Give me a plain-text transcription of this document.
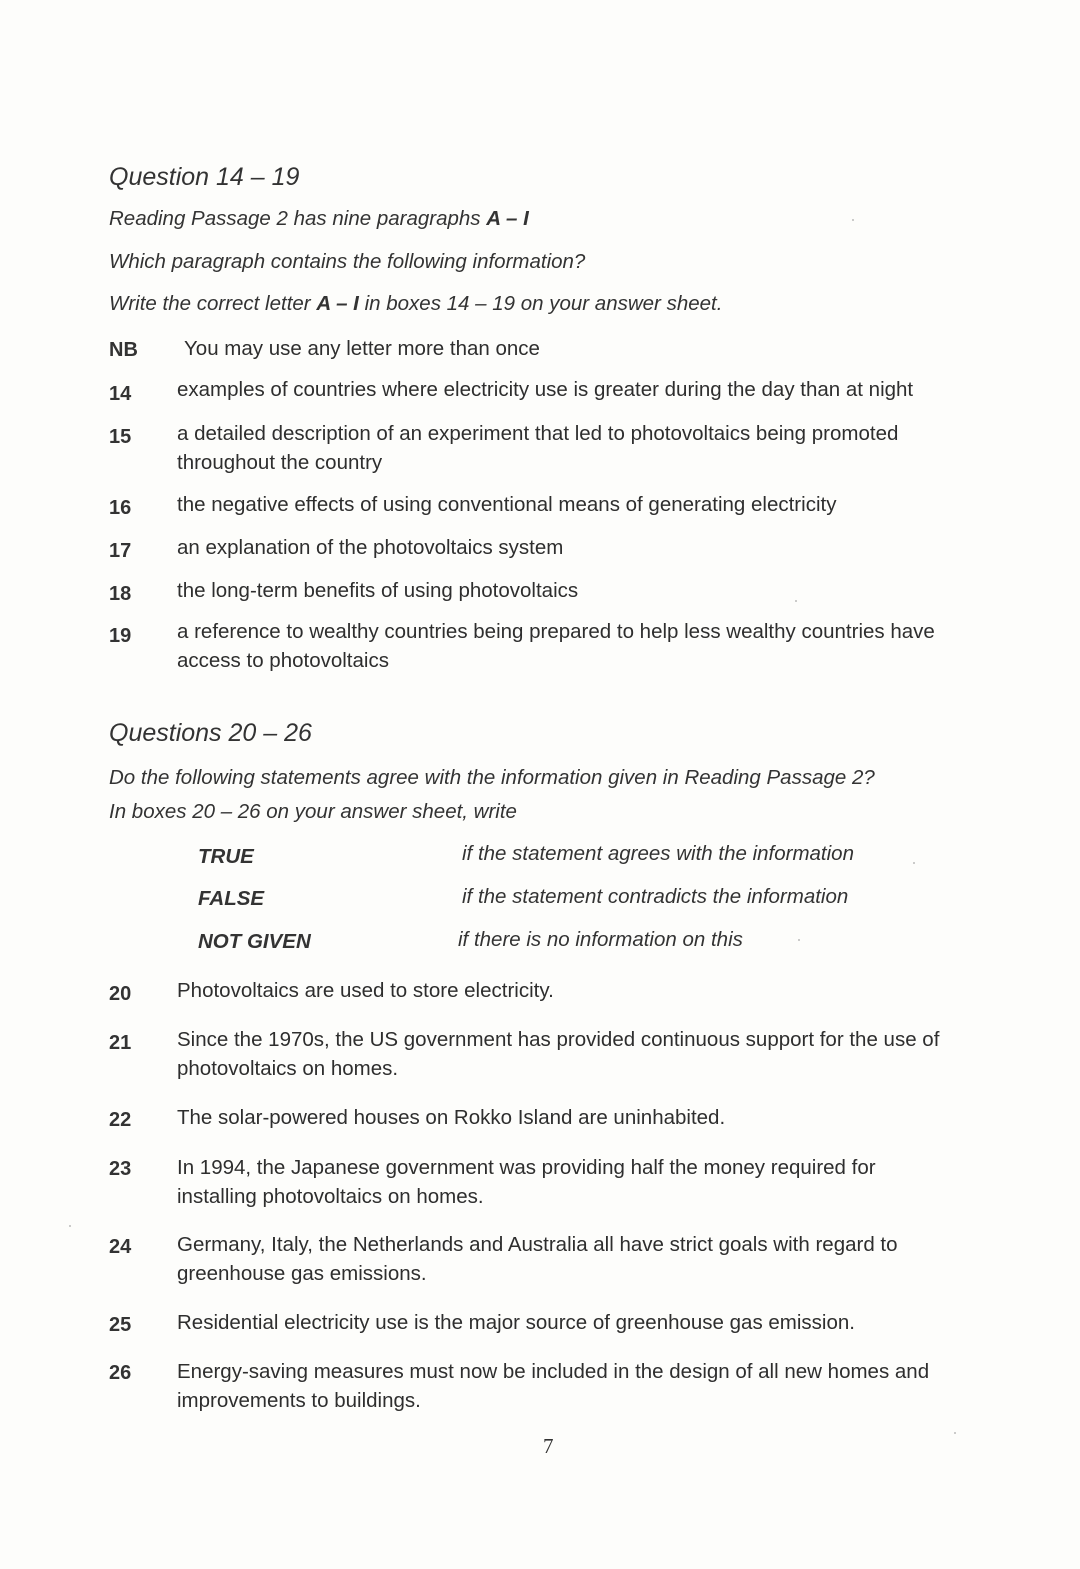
Question 14 – 19
Reading Passage 2 has nine paragraphs A – I
Which paragraph contains the following information?
Write the correct letter A – I in boxes 14 – 19 on your answer sheet.
NB You may use any letter more than once
14 examples of countries where electricity use is greater during the day than at night
15 a detailed description of an experiment that led to photovoltaics being promoted throughout the country
16 the negative effects of using conventional means of generating electricity
17 an explanation of the photovoltaics system
18 the long-term benefits of using photovoltaics
19 a reference to wealthy countries being prepared to help less wealthy countries have access to photovoltaics
Questions 20 – 26
Do the following statements agree with the information given in Reading Passage 2?
In boxes 20 – 26 on your answer sheet, write
TRUE	if the statement agrees with the information
FALSE	if the statement contradicts the information
NOT GIVEN	if there is no information on this
20 Photovoltaics are used to store electricity.
21 Since the 1970s, the US government has provided continuous support for the use of photovoltaics on homes.
22 The solar-powered houses on Rokko Island are uninhabited.
23 In 1994, the Japanese government was providing half the money required for installing photovoltaics on homes.
24 Germany, Italy, the Netherlands and Australia all have strict goals with regard to greenhouse gas emissions.
25 Residential electricity use is the major source of greenhouse gas emission.
26 Energy-saving measures must now be included in the design of all new homes and improvements to buildings.
7
